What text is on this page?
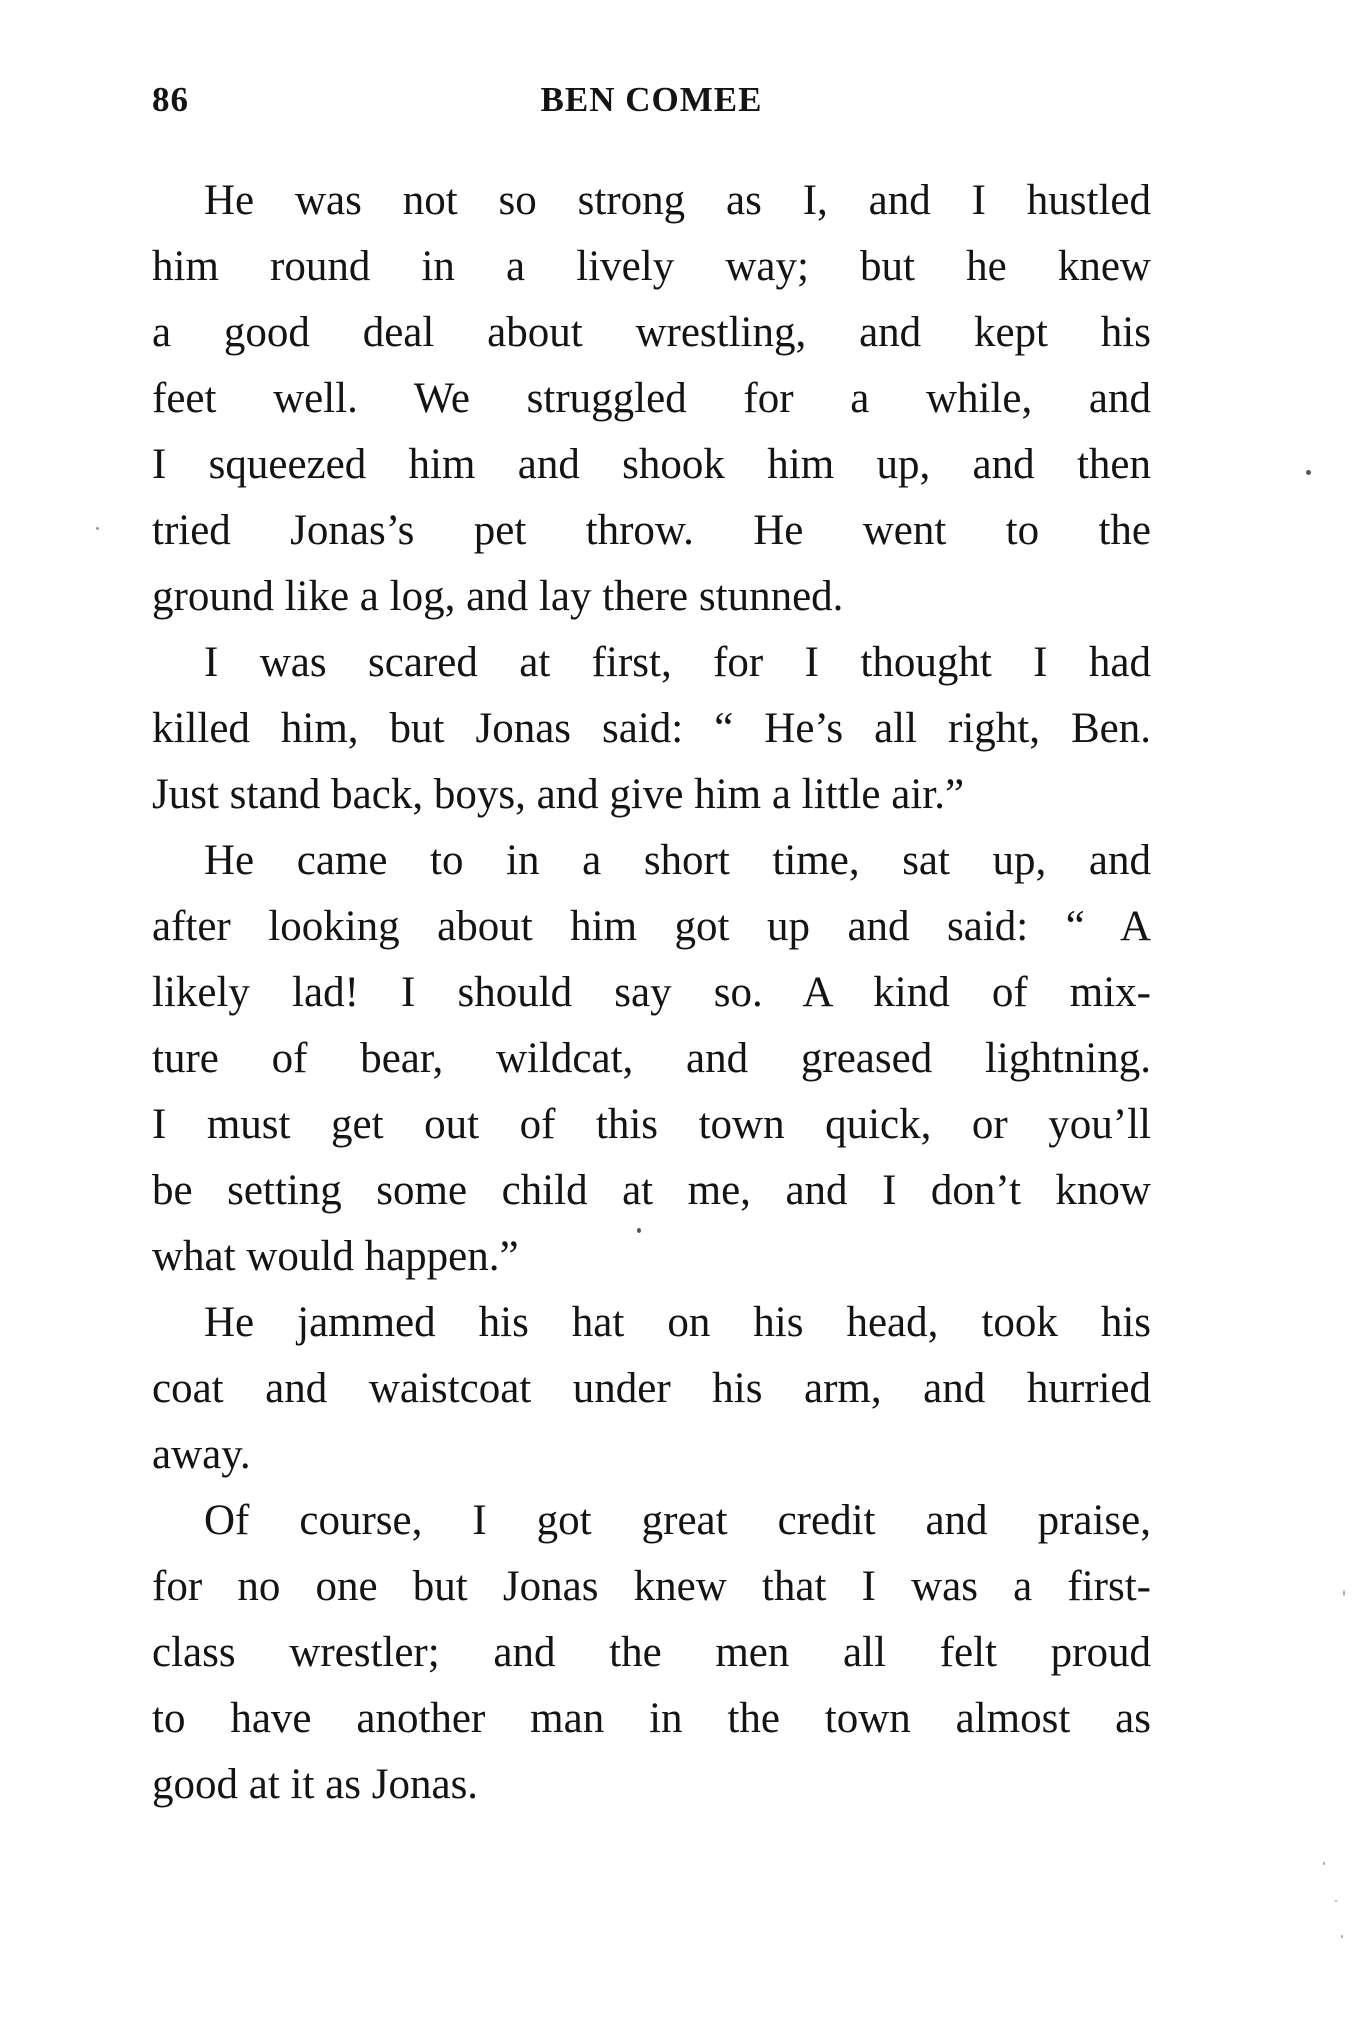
86	BEN COMEE

He was not so strong as I, and I hustled
him round in a lively way; but he knew
a good deal about wrestling, and kept his
feet well. We struggled for a while, and
I squeezed him and shook him up, and then
tried Jonas’s pet throw. He went to the
ground like a log, and lay there stunned.

I was scared at first, for I thought I had
killed him, but Jonas said: “ He’s all right, Ben.
Just stand back, boys, and give him a little air.”

He came to in a short time, sat up, and
after looking about him got up and said: “ A
likely lad! I should say so. A kind of mix-
ture of bear, wildcat, and greased lightning.
I must get out of this town quick, or you’ll
be setting some child at me, and I don’t know
what would happen.”

He jammed his hat on his head, took his
coat and waistcoat under his arm, and hurried
away.

Of course, I got great credit and praise,
for no one but Jonas knew that I was a first-
class wrestler; and the men all felt proud
to have another man in the town almost as
good at it as Jonas.
